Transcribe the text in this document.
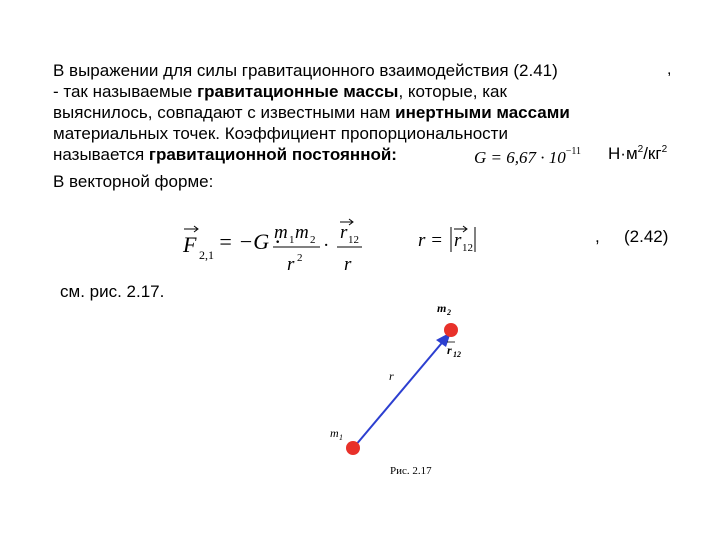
В выражении для силы гравитационного взаимодействия (2.41)
- так называемые гравитационные массы, которые, как
выяснилось, совпадают с известными нам инертными массами
материальных точек. Коэффициент пропорциональности
называется гравитационной постоянной:
,
$G = 6,67 \cdot 10^{-11}$ $Н\cdot м^2/кг^2$
В векторной форме:
F 2,1
= −G ·
m 1 m 2
r 2
·
r 12
r
r = r 12
m 1
m 2
r
r 12
, (2.42)
см. рис. 2.17.
Рис. 2.17
